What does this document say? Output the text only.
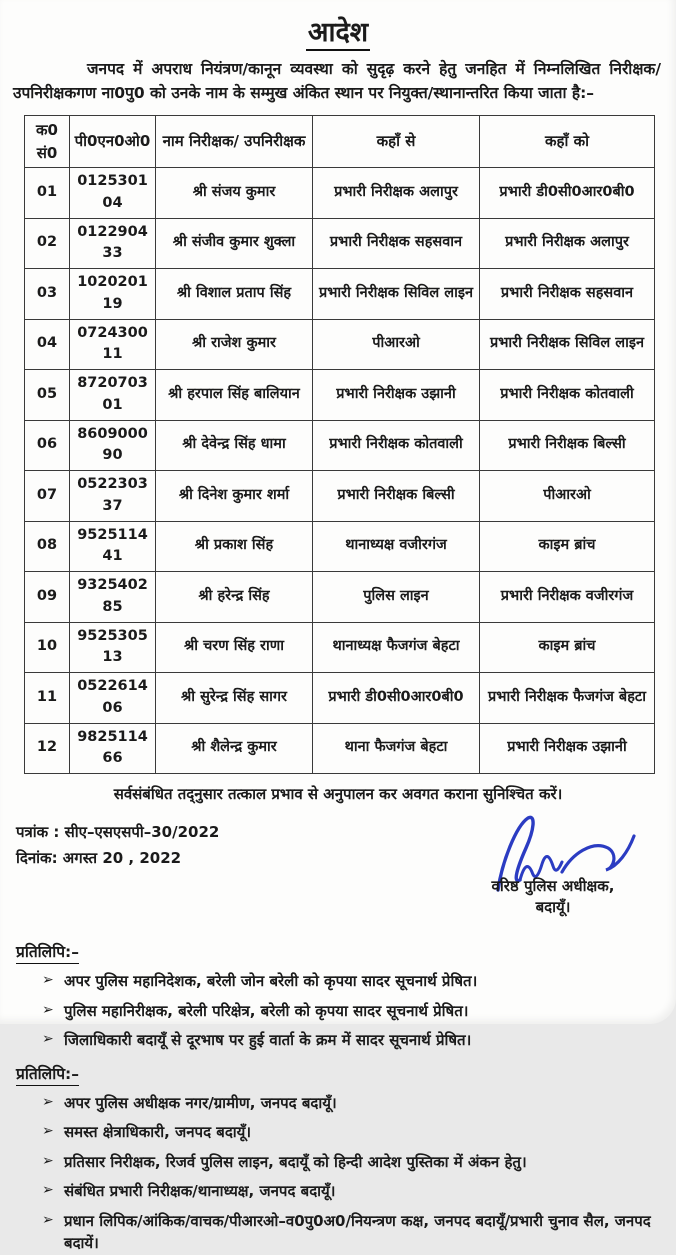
आदेश

जनपद में अपराध नियंत्रण/कानून व्यवस्था को सुदृढ़ करने हेतु जनहित में निम्नलिखित निरीक्षक/उपनिरीक्षकगण ना0पु0 को उनके नाम के सम्मुख अंकित स्थान पर नियुक्त/स्थानान्तरित किया जाता है:–

क0 सं0	पी0एन0ओ0	नाम निरीक्षक/ उपनिरीक्षक	कहाँ से	कहाँ को
01	012530104	श्री संजय कुमार	प्रभारी निरीक्षक अलापुर	प्रभारी डी0सी0आर0बी0
02	012290433	श्री संजीव कुमार शुक्ला	प्रभारी निरीक्षक सहसवान	प्रभारी निरीक्षक अलापुर
03	102020119	श्री विशाल प्रताप सिंह	प्रभारी निरीक्षक सिविल लाइन	प्रभारी निरीक्षक सहसवान
04	072430011	श्री राजेश कुमार	पीआरओ	प्रभारी निरीक्षक सिविल लाइन
05	872070301	श्री हरपाल सिंह बालियान	प्रभारी निरीक्षक उझानी	प्रभारी निरीक्षक कोतवाली
06	860900090	श्री देवेन्द्र सिंह धामा	प्रभारी निरीक्षक कोतवाली	प्रभारी निरीक्षक बिल्सी
07	052230337	श्री दिनेश कुमार शर्मा	प्रभारी निरीक्षक बिल्सी	पीआरओ
08	952511441	श्री प्रकाश सिंह	थानाध्यक्ष वजीरगंज	काइम ब्रांच
09	932540285	श्री हरेन्द्र सिंह	पुलिस लाइन	प्रभारी निरीक्षक वजीरगंज
10	952530513	श्री चरण सिंह राणा	थानाध्यक्ष फैजगंज बेहटा	काइम ब्रांच
11	052261406	श्री सुरेन्द्र सिंह सागर	प्रभारी डी0सी0आर0बी0	प्रभारी निरीक्षक फैजगंज बेहटा
12	982511466	श्री शैलेन्द्र कुमार	थाना फैजगंज बेहटा	प्रभारी निरीक्षक उझानी
सर्वसंबंधित तद्नुसार तत्काल प्रभाव से अनुपालन कर अवगत कराना सुनिश्चित करें।
पत्रांक : सीए–एसएसपी–30/2022
दिनांक: अगस्त 20 , 2022
वरिष्ठ पुलिस अधीक्षक,
बदायूँ।
प्रतिलिपि:–
➢ अपर पुलिस महानिदेशक, बरेली जोन बरेली को कृपया सादर सूचनार्थ प्रेषित।
➢ पुलिस महानिरीक्षक, बरेली परिक्षेत्र, बरेली को कृपया सादर सूचनार्थ प्रेषित।
➢ जिलाधिकारी बदायूँ से दूरभाष पर हुई वार्ता के क्रम में सादर सूचनार्थ प्रेषित।
प्रतिलिपि:–
➢ अपर पुलिस अधीक्षक नगर/ग्रामीण, जनपद बदायूँ।
➢ समस्त क्षेत्राधिकारी, जनपद बदायूँ।
➢ प्रतिसार निरीक्षक, रिजर्व पुलिस लाइन, बदायूँ को हिन्दी आदेश पुस्तिका में अंकन हेतु।
➢ संबंधित प्रभारी निरीक्षक/थानाध्यक्ष, जनपद बदायूँ।
➢ प्रधान लिपिक/आंकिक/वाचक/पीआरओ–व0पु0अ0/नियन्त्रण कक्ष, जनपद बदायूँ/प्रभारी चुनाव सैल, जनपद बदायें।
